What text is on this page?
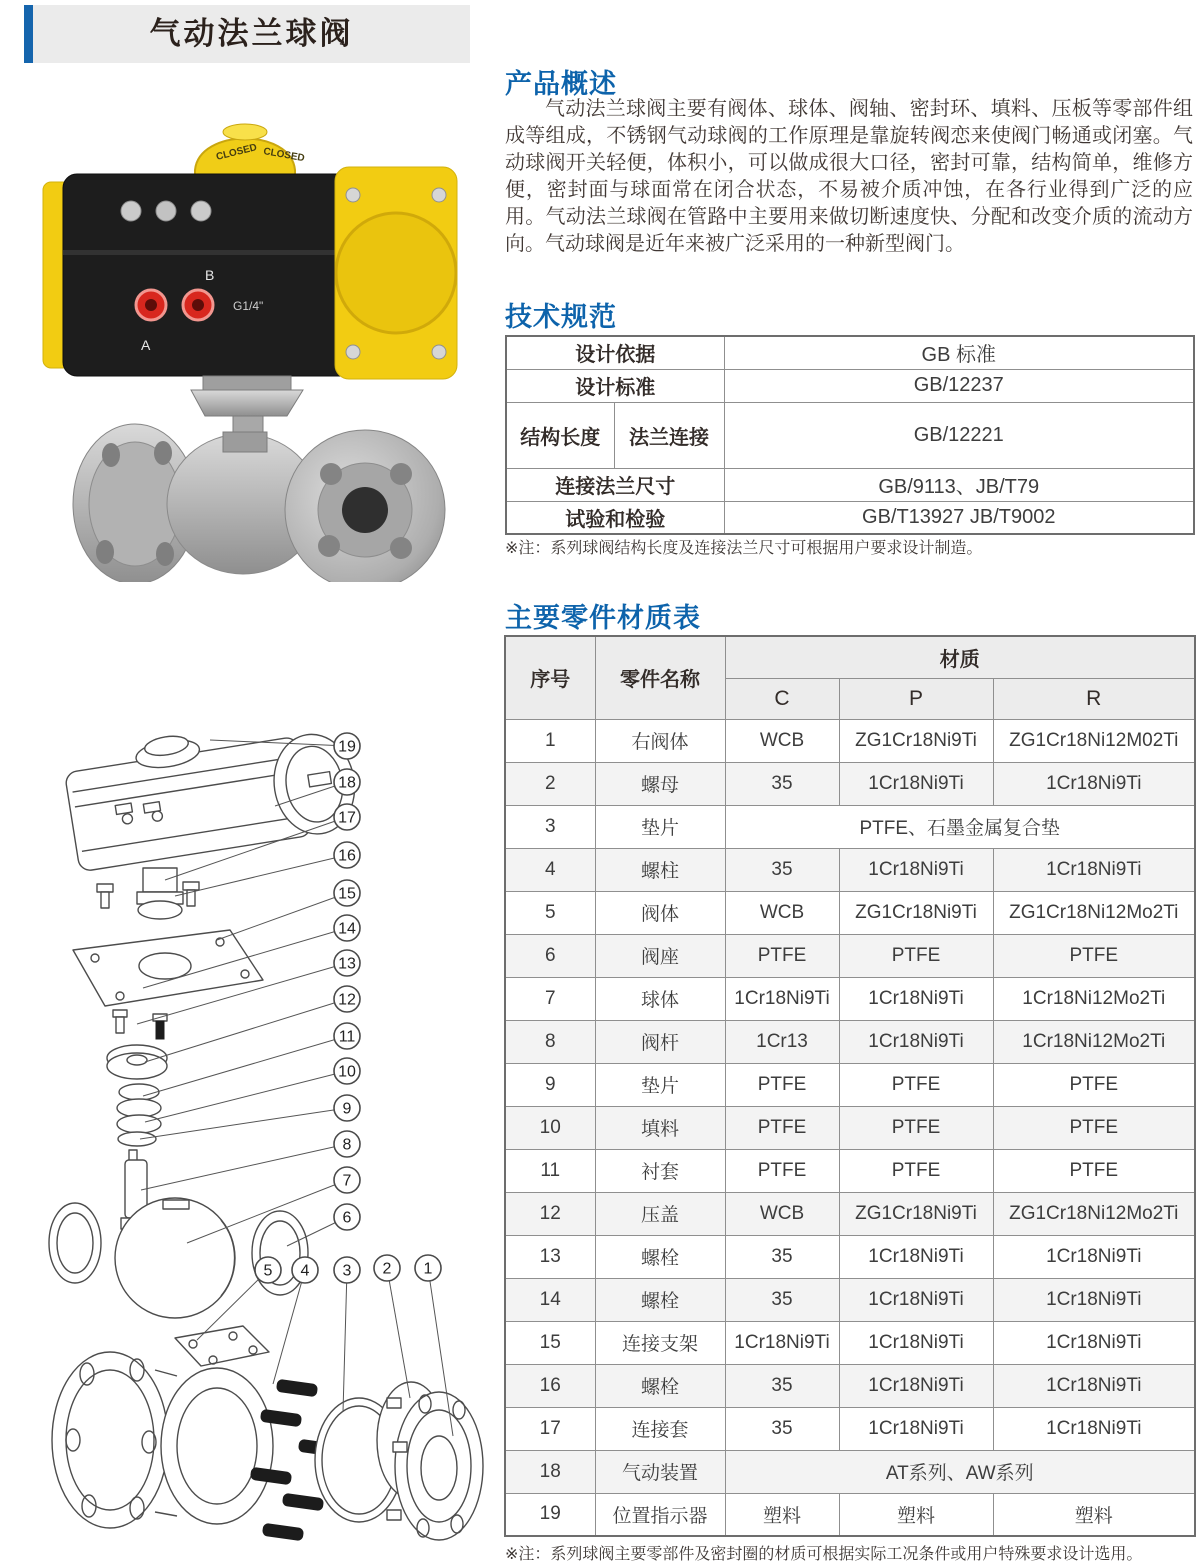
气动法兰球阀
CLOSED CLOSED
B
A
G1/4"
产品概述

气动法兰球阀主要有阀体、球体、阀轴、密封环、填料、压板等零部件组成等组成，不锈钢气动球阀的工作原理是靠旋转阀恋来使阀门畅通或闭塞。气动球阀开关轻便，体积小，可以做成很大口径，密封可靠，结构简单，维修方便，密封面与球面常在闭合状态，不易被介质冲蚀，在各行业得到广泛的应用。气动法兰球阀在管路中主要用来做切断速度快、分配和改变介质的流动方向。气动球阀是近年来被广泛采用的一种新型阀门。

技术规范
设计依据		GB 标准
设计标准		GB/12237
结构长度	法兰连接	GB/12221
连接法兰尺寸		GB/9113、JB/T79
试验和检验		GB/T13927 JB/T9002

※注：系列球阀结构长度及连接法兰尺寸可根据用户要求设计制造。

主要零件材质表
序号	零件名称	材质		
		C	P	R
1	右阀体	WCB	ZG1Cr18Ni9Ti	ZG1Cr18Ni12M02Ti
2	螺母	35	1Cr18Ni9Ti	1Cr18Ni9Ti
3	垫片	PTFE、石墨金属复合垫		
4	螺柱	35	1Cr18Ni9Ti	1Cr18Ni9Ti
5	阀体	WCB	ZG1Cr18Ni9Ti	ZG1Cr18Ni12Mo2Ti
6	阀座	PTFE	PTFE	PTFE
7	球体	1Cr18Ni9Ti	1Cr18Ni9Ti	1Cr18Ni12Mo2Ti
8	阀杆	1Cr13	1Cr18Ni9Ti	1Cr18Ni12Mo2Ti
9	垫片	PTFE	PTFE	PTFE
10	填料	PTFE	PTFE	PTFE
11	衬套	PTFE	PTFE	PTFE
12	压盖	WCB	ZG1Cr18Ni9Ti	ZG1Cr18Ni12Mo2Ti
13	螺栓	35	1Cr18Ni9Ti	1Cr18Ni9Ti
14	螺栓	35	1Cr18Ni9Ti	1Cr18Ni9Ti
15	连接支架	1Cr18Ni9Ti	1Cr18Ni9Ti	1Cr18Ni9Ti
16	螺栓	35	1Cr18Ni9Ti	1Cr18Ni9Ti
17	连接套	35	1Cr18Ni9Ti	1Cr18Ni9Ti
18	气动装置	AT系列、AW系列		
19	位置指示器	塑料	塑料	塑料

※注：系列球阀主要零部件及密封圈的材质可根据实际工况条件或用户特殊要求设计选用。

19
18
17
16
15
14
13
12
11
10
9
8
7
6
5 4 3 2 1
